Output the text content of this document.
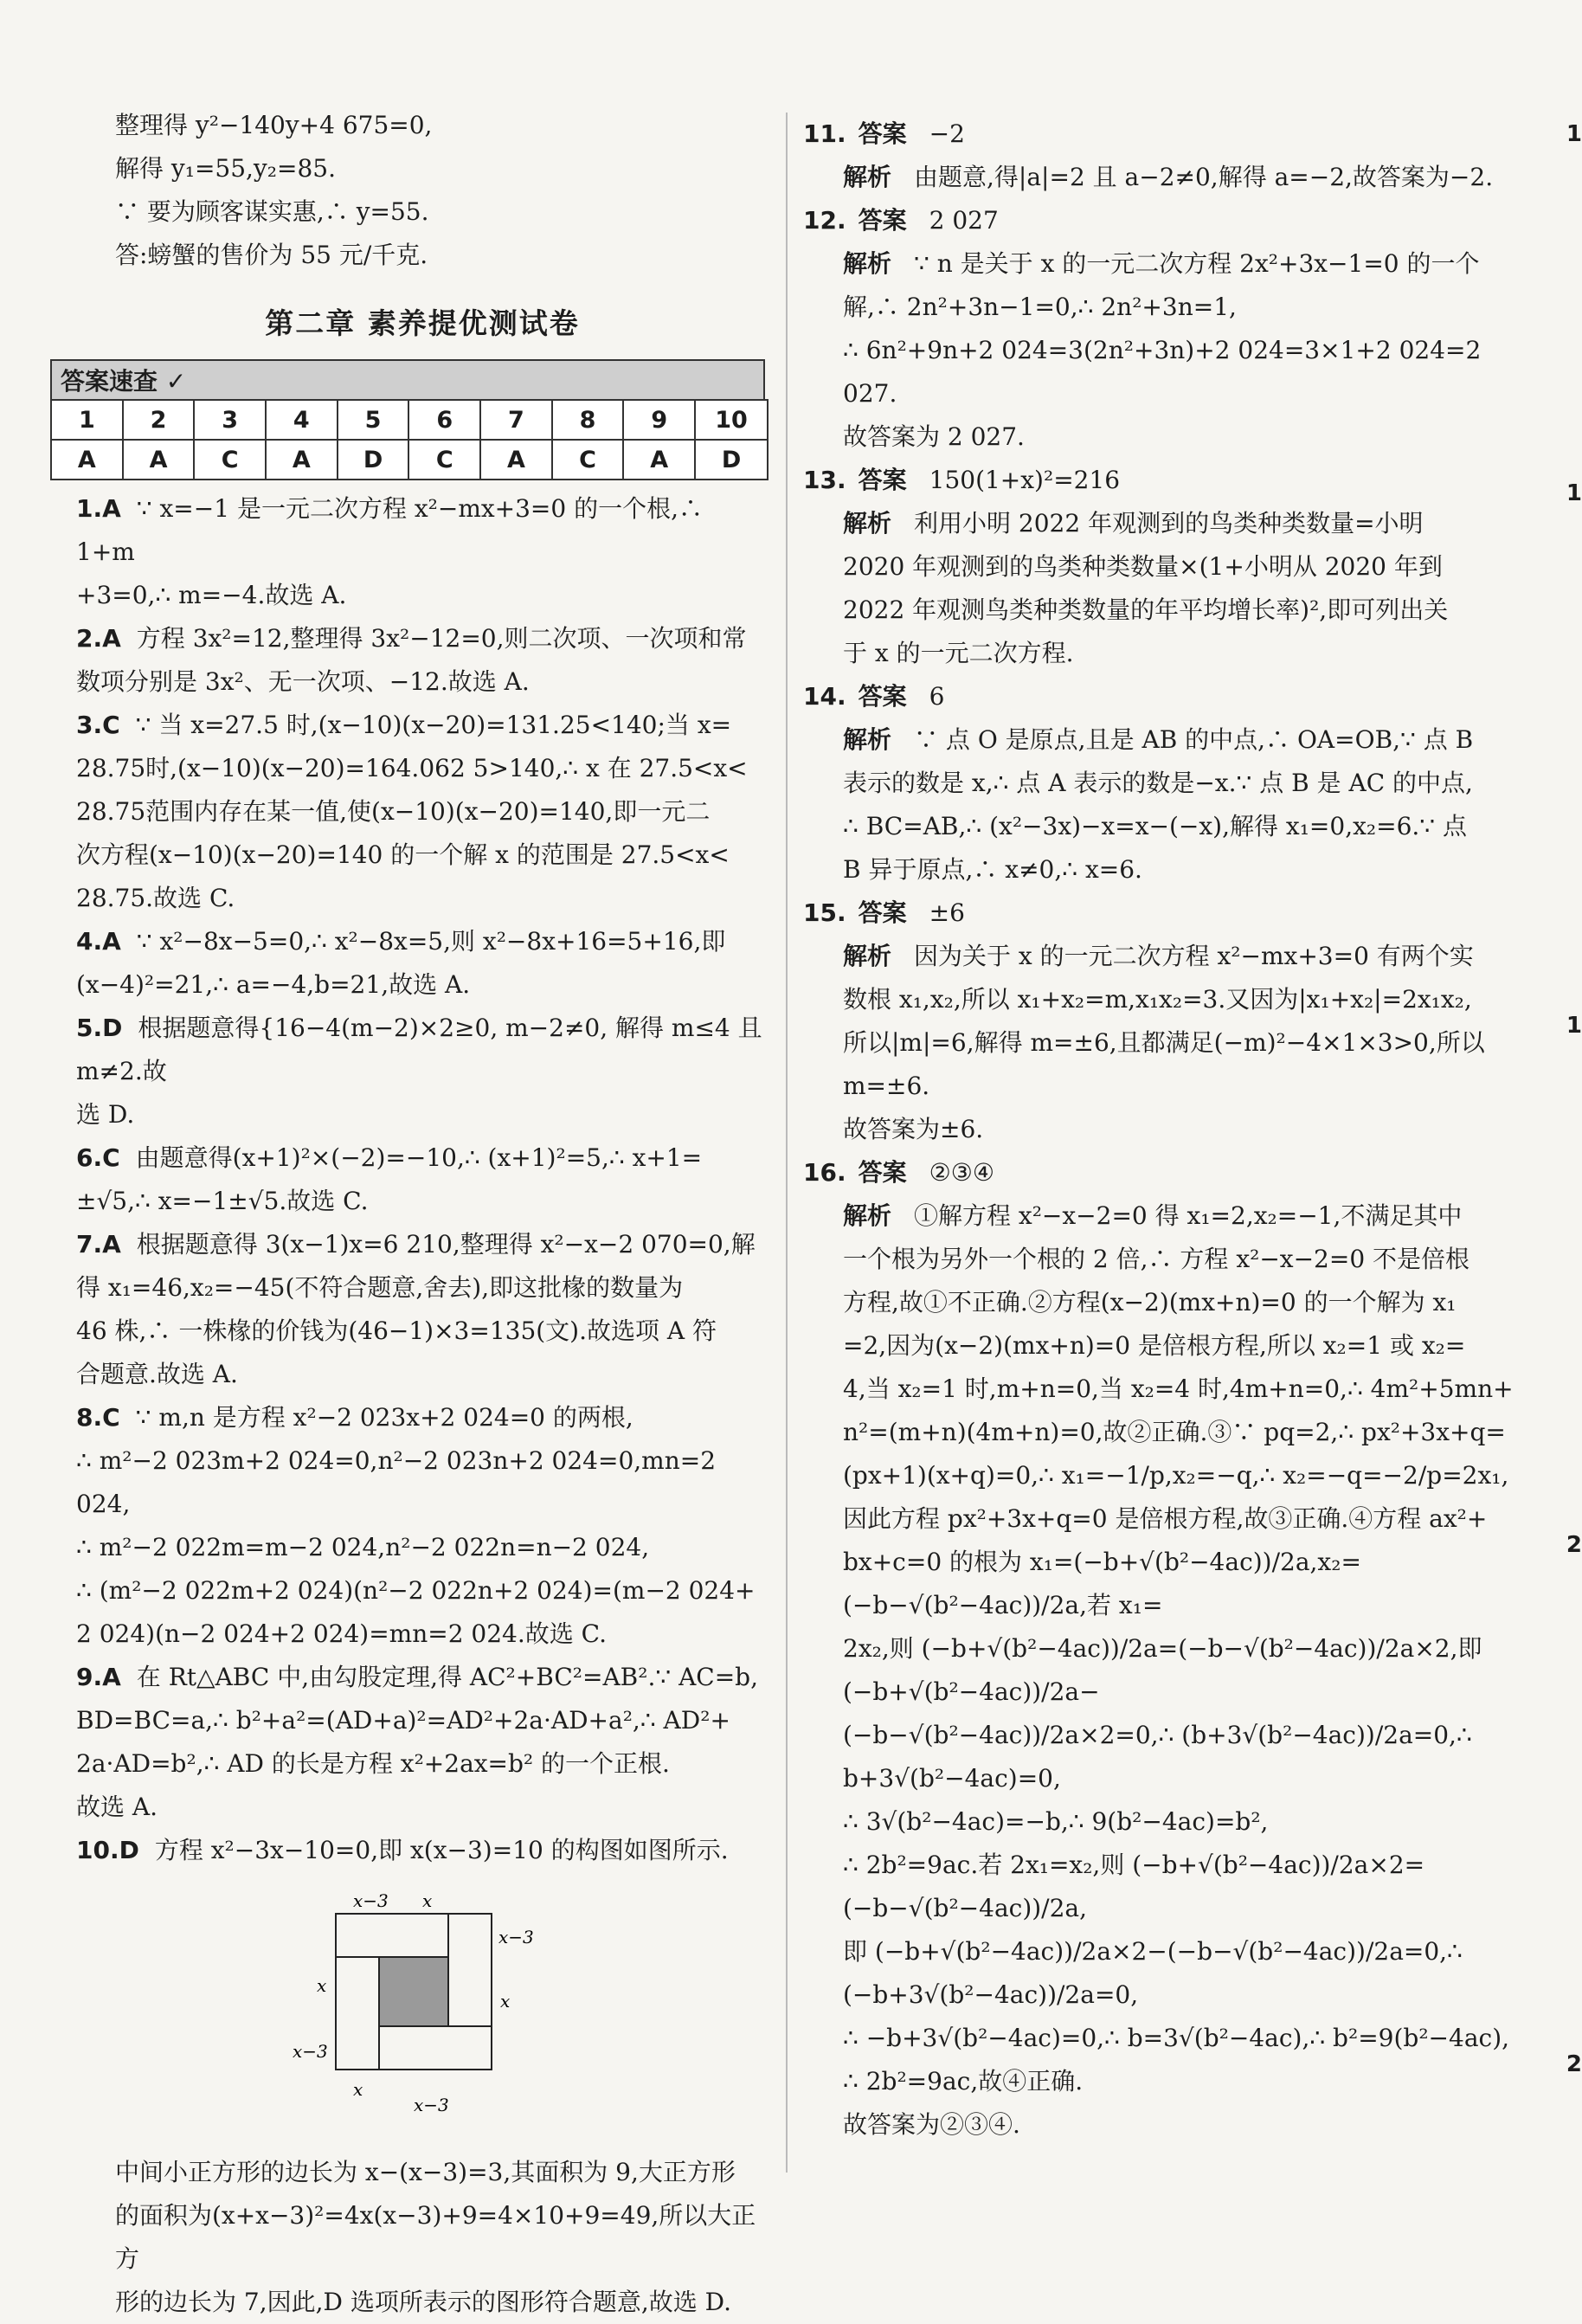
整理得 y²−140y+4 675=0,

解得 y₁=55,y₂=85.

∵ 要为顾客谋实惠,∴ y=55.

答:螃蟹的售价为 55 元/千克.

第二章 素养提优测试卷
答案速查 ✓
1	2	3	4	5	6	7	8	9	10
A	A	C	A	D	C	A	C	A	D

1.A ∵ x=−1 是一元二次方程 x²−mx+3=0 的一个根,∴ 1+m

+3=0,∴ m=−4.故选 A.

2.A 方程 3x²=12,整理得 3x²−12=0,则二次项、一次项和常

数项分别是 3x²、无一次项、−12.故选 A.

3.C ∵ 当 x=27.5 时,(x−10)(x−20)=131.25<140;当 x=

28.75时,(x−10)(x−20)=164.062 5>140,∴ x 在 27.5<x<

28.75范围内存在某一值,使(x−10)(x−20)=140,即一元二

次方程(x−10)(x−20)=140 的一个解 x 的范围是 27.5<x<

28.75.故选 C.

4.A ∵ x²−8x−5=0,∴ x²−8x=5,则 x²−8x+16=5+16,即

(x−4)²=21,∴ a=−4,b=21,故选 A.

5.D 根据题意得{16−4(m−2)×2≥0, m−2≠0, 解得 m≤4 且 m≠2.故

选 D.

6.C 由题意得(x+1)²×(−2)=−10,∴ (x+1)²=5,∴ x+1=

±√5,∴ x=−1±√5.故选 C.

7.A 根据题意得 3(x−1)x=6 210,整理得 x²−x−2 070=0,解

得 x₁=46,x₂=−45(不符合题意,舍去),即这批椽的数量为

46 株,∴ 一株椽的价钱为(46−1)×3=135(文).故选项 A 符

合题意.故选 A.

8.C ∵ m,n 是方程 x²−2 023x+2 024=0 的两根,

∴ m²−2 023m+2 024=0,n²−2 023n+2 024=0,mn=2 024,

∴ m²−2 022m=m−2 024,n²−2 022n=n−2 024,

∴ (m²−2 022m+2 024)(n²−2 022n+2 024)=(m−2 024+

2 024)(n−2 024+2 024)=mn=2 024.故选 C.

9.A 在 Rt△ABC 中,由勾股定理,得 AC²+BC²=AB².∵ AC=b,

BD=BC=a,∴ b²+a²=(AD+a)²=AD²+2a·AD+a²,∴ AD²+

2a·AD=b²,∴ AD 的长是方程 x²+2ax=b² 的一个正根.

故选 A.

10.D 方程 x²−3x−10=0,即 x(x−3)=10 的构图如图所示.

x−3 x
x−3
x
x
x−3
x
x−3

中间小正方形的边长为 x−(x−3)=3,其面积为 9,大正方形

的面积为(x+x−3)²=4x(x−3)+9=4×10+9=49,所以大正方

形的边长为 7,因此,D 选项所表示的图形符合题意,故选 D.

11. 答案 −2
解析 由题意,得|a|=2 且 a−2≠0,解得 a=−2,故答案为−2.
12. 答案 2 027
解析 ∵ n 是关于 x 的一元二次方程 2x²+3x−1=0 的一个
解,∴ 2n²+3n−1=0,∴ 2n²+3n=1,
∴ 6n²+9n+2 024=3(2n²+3n)+2 024=3×1+2 024=2 027.
故答案为 2 027.
13. 答案 150(1+x)²=216
解析 利用小明 2022 年观测到的鸟类种类数量=小明
2020 年观测到的鸟类种类数量×(1+小明从 2020 年到
2022 年观测鸟类种类数量的年平均增长率)²,即可列出关
于 x 的一元二次方程.
14. 答案 6
解析 ∵ 点 O 是原点,且是 AB 的中点,∴ OA=OB,∵ 点 B
表示的数是 x,∴ 点 A 表示的数是−x.∵ 点 B 是 AC 的中点,
∴ BC=AB,∴ (x²−3x)−x=x−(−x),解得 x₁=0,x₂=6.∵ 点
B 异于原点,∴ x≠0,∴ x=6.
15. 答案 ±6
解析 因为关于 x 的一元二次方程 x²−mx+3=0 有两个实
数根 x₁,x₂,所以 x₁+x₂=m,x₁x₂=3.又因为|x₁+x₂|=2x₁x₂,
所以|m|=6,解得 m=±6,且都满足(−m)²−4×1×3>0,所以
m=±6.
故答案为±6.
16. 答案 ②③④
解析 ①解方程 x²−x−2=0 得 x₁=2,x₂=−1,不满足其中
一个根为另外一个根的 2 倍,∴ 方程 x²−x−2=0 不是倍根
方程,故①不正确.②方程(x−2)(mx+n)=0 的一个解为 x₁
=2,因为(x−2)(mx+n)=0 是倍根方程,所以 x₂=1 或 x₂=
4,当 x₂=1 时,m+n=0,当 x₂=4 时,4m+n=0,∴ 4m²+5mn+
n²=(m+n)(4m+n)=0,故②正确.③∵ pq=2,∴ px²+3x+q=
(px+1)(x+q)=0,∴ x₁=−1/p,x₂=−q,∴ x₂=−q=−2/p=2x₁,
因此方程 px²+3x+q=0 是倍根方程,故③正确.④方程 ax²+
bx+c=0 的根为 x₁=(−b+√(b²−4ac))/2a,x₂=(−b−√(b²−4ac))/2a,若 x₁=
2x₂,则 (−b+√(b²−4ac))/2a=(−b−√(b²−4ac))/2a×2,即 (−b+√(b²−4ac))/2a−
(−b−√(b²−4ac))/2a×2=0,∴ (b+3√(b²−4ac))/2a=0,∴ b+3√(b²−4ac)=0,
∴ 3√(b²−4ac)=−b,∴ 9(b²−4ac)=b²,
∴ 2b²=9ac.若 2x₁=x₂,则 (−b+√(b²−4ac))/2a×2=(−b−√(b²−4ac))/2a,
即 (−b+√(b²−4ac))/2a×2−(−b−√(b²−4ac))/2a=0,∴ (−b+3√(b²−4ac))/2a=0,
∴ −b+3√(b²−4ac)=0,∴ b=3√(b²−4ac),∴ b²=9(b²−4ac),
∴ 2b²=9ac,故④正确.
故答案为②③④.
1
1
1
2
2
